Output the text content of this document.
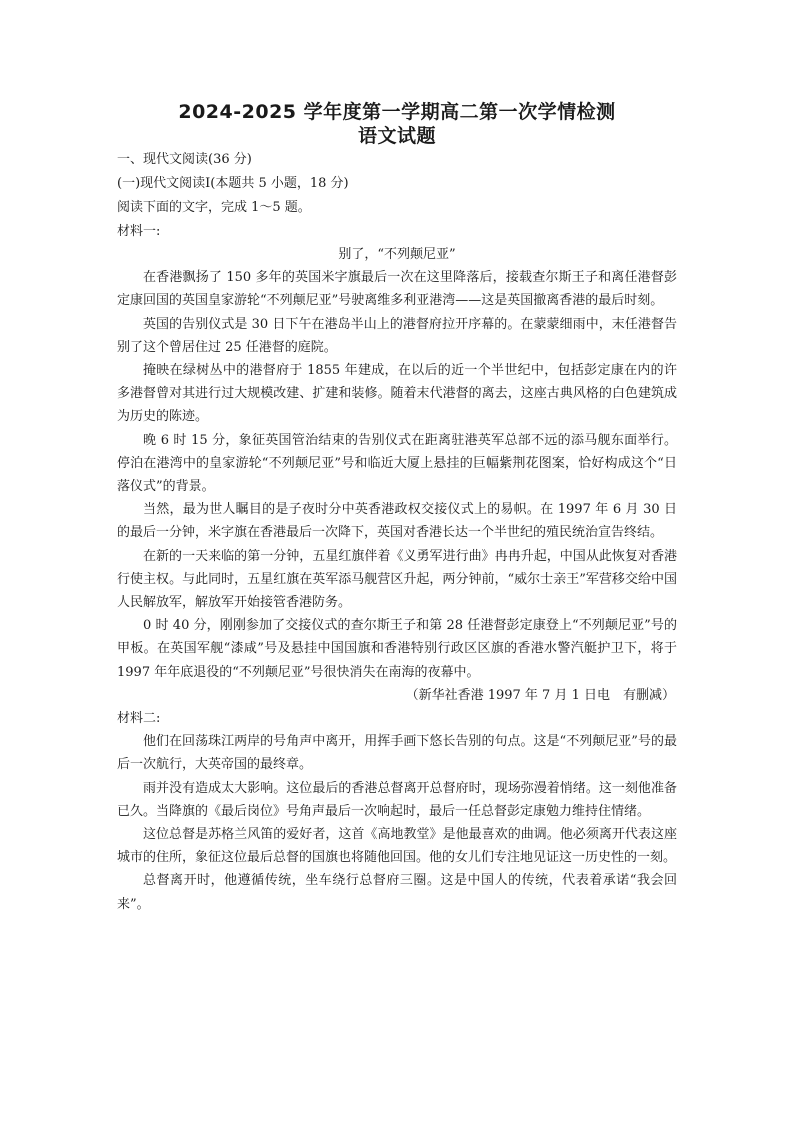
2024-2025 学年度第一学期高二第一次学情检测
语文试题
一、现代文阅读(36 分)
(一)现代文阅读Ⅰ(本题共 5 小题，18 分)
阅读下面的文字，完成 1～5 题。
材料一:

别了，“不列颠尼亚”

在香港飘扬了 150 多年的英国米字旗最后一次在这里降落后，接载查尔斯王子和离任港督彭定康回国的英国皇家游轮“不列颠尼亚”号驶离维多利亚港湾——这是英国撤离香港的最后时刻。

英国的告别仪式是 30 日下午在港岛半山上的港督府拉开序幕的。在蒙蒙细雨中，末任港督告别了这个曾居住过 25 任港督的庭院。

掩映在绿树丛中的港督府于 1855 年建成，在以后的近一个半世纪中，包括彭定康在内的许多港督曾对其进行过大规模改建、扩建和装修。随着末代港督的离去，这座古典风格的白色建筑成为历史的陈迹。

晚 6 时 15 分，象征英国管治结束的告别仪式在距离驻港英军总部不远的添马舰东面举行。停泊在港湾中的皇家游轮“不列颠尼亚”号和临近大厦上悬挂的巨幅紫荆花图案，恰好构成这个“日落仪式”的背景。

当然，最为世人瞩目的是子夜时分中英香港政权交接仪式上的易帜。在 1997 年 6 月 30 日的最后一分钟，米字旗在香港最后一次降下，英国对香港长达一个半世纪的殖民统治宣告终结。

在新的一天来临的第一分钟，五星红旗伴着《义勇军进行曲》冉冉升起，中国从此恢复对香港行使主权。与此同时，五星红旗在英军添马舰营区升起，两分钟前，“威尔士亲王”军营移交给中国人民解放军，解放军开始接管香港防务。

0 时 40 分，刚刚参加了交接仪式的查尔斯王子和第 28 任港督彭定康登上“不列颠尼亚”号的甲板。在英国军舰“漆咸”号及悬挂中国国旗和香港特别行政区区旗的香港水警汽艇护卫下，将于 1997 年年底退役的“不列颠尼亚”号很快消失在南海的夜幕中。

（新华社香港 1997 年 7 月 1 日电　有删减）

材料二:

他们在回荡珠江两岸的号角声中离开，用挥手画下悠长告别的句点。这是“不列颠尼亚”号的最后一次航行，大英帝国的最终章。

雨并没有造成太大影响。这位最后的香港总督离开总督府时，现场弥漫着悄绪。这一刻他准备已久。当降旗的《最后岗位》号角声最后一次响起时，最后一任总督彭定康勉力维持住情绪。

这位总督是苏格兰风笛的爱好者，这首《高地教堂》是他最喜欢的曲调。他必须离开代表这座城市的住所，象征这位最后总督的国旗也将随他回国。他的女儿们专注地见证这一历史性的一刻。

总督离开时，他遵循传统，坐车绕行总督府三圈。这是中国人的传统，代表着承诺“我会回来”。
